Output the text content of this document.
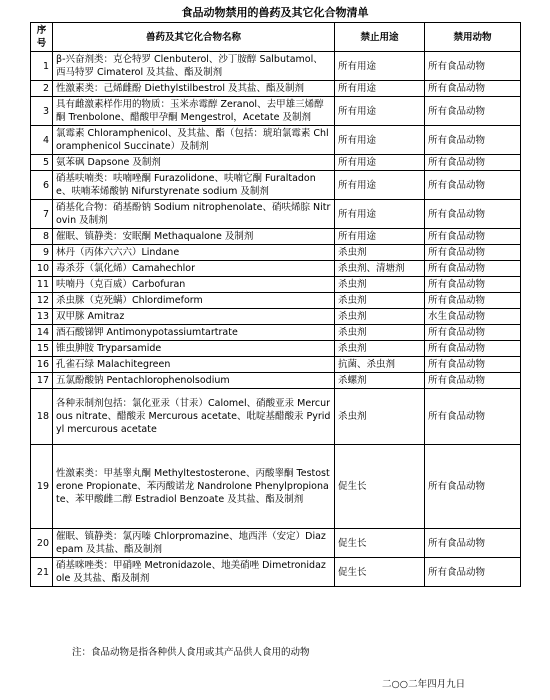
食品动物禁用的兽药及其它化合物清单
序号	兽药及其它化合物名称	禁止用途	禁用动物
1	β-兴奋剂类：克仑特罗 Clenbuterol、沙丁胺醇 Salbutamol、西马特罗 Cimaterol 及其盐、酯及制剂	所有用途	所有食品动物
2	性激素类：己烯雌酚 Diethylstilbestrol 及其盐、酯及制剂	所有用途	所有食品动物
3	具有雌激素样作用的物质：玉米赤霉醇 Zeranol、去甲雄三烯醇酮 Trenbolone、醋酸甲孕酮 Mengestrol，Acetate 及制剂	所有用途	所有食品动物
4	氯霉素 Chloramphenicol、及其盐、酯（包括：琥珀氯霉素 Chloramphenicol Succinate）及制剂	所有用途	所有食品动物
5	氨苯砜 Dapsone 及制剂	所有用途	所有食品动物
6	硝基呋喃类：呋喃唑酮 Furazolidone、呋喃它酮 Furaltadone、呋喃苯烯酸钠 Nifurstyrenate sodium 及制剂	所有用途	所有食品动物
7	硝基化合物：硝基酚钠 Sodium nitrophenolate、硝呋烯腙 Nitrovin 及制剂	所有用途	所有食品动物
8	催眠、镇静类：安眠酮 Methaqualone 及制剂	所有用途	所有食品动物
9	林丹（丙体六六六）Lindane	杀虫剂	所有食品动物
10	毒杀芬（氯化烯）Camahechlor	杀虫剂、清塘剂	所有食品动物
11	呋喃丹（克百威）Carbofuran	杀虫剂	所有食品动物
12	杀虫脒（克死螨）Chlordimeform	杀虫剂	所有食品动物
13	双甲脒 Amitraz	杀虫剂	水生食品动物
14	酒石酸锑钾 Antimonypotassiumtartrate	杀虫剂	所有食品动物
15	锥虫胂胺 Tryparsamide	杀虫剂	所有食品动物
16	孔雀石绿 Malachitegreen	抗菌、杀虫剂	所有食品动物
17	五氯酚酸钠 Pentachlorophenolsodium	杀螺剂	所有食品动物
18	各种汞制剂包括：氯化亚汞（甘汞）Calomel、硝酸亚汞 Mercurous nitrate、醋酸汞 Mercurous acetate、吡啶基醋酸汞 Pyridyl mercurous acetate	杀虫剂	所有食品动物
19	性激素类：甲基睾丸酮 Methyltestosterone、丙酸睾酮 Testosterone Propionate、苯丙酸诺龙 Nandrolone Phenylpropionate、苯甲酸雌二醇 Estradiol Benzoate 及其盐、酯及制剂	促生长	所有食品动物
20	催眠、镇静类：氯丙嗪 Chlorpromazine、地西泮（安定）Diazepam 及其盐、酯及制剂	促生长	所有食品动物
21	硝基咪唑类：甲硝唑 Metronidazole、地美硝唑 Dimetronidazole 及其盐、酯及制剂	促生长	所有食品动物
注：食品动物是指各种供人食用或其产品供人食用的动物
二○○二年四月九日
